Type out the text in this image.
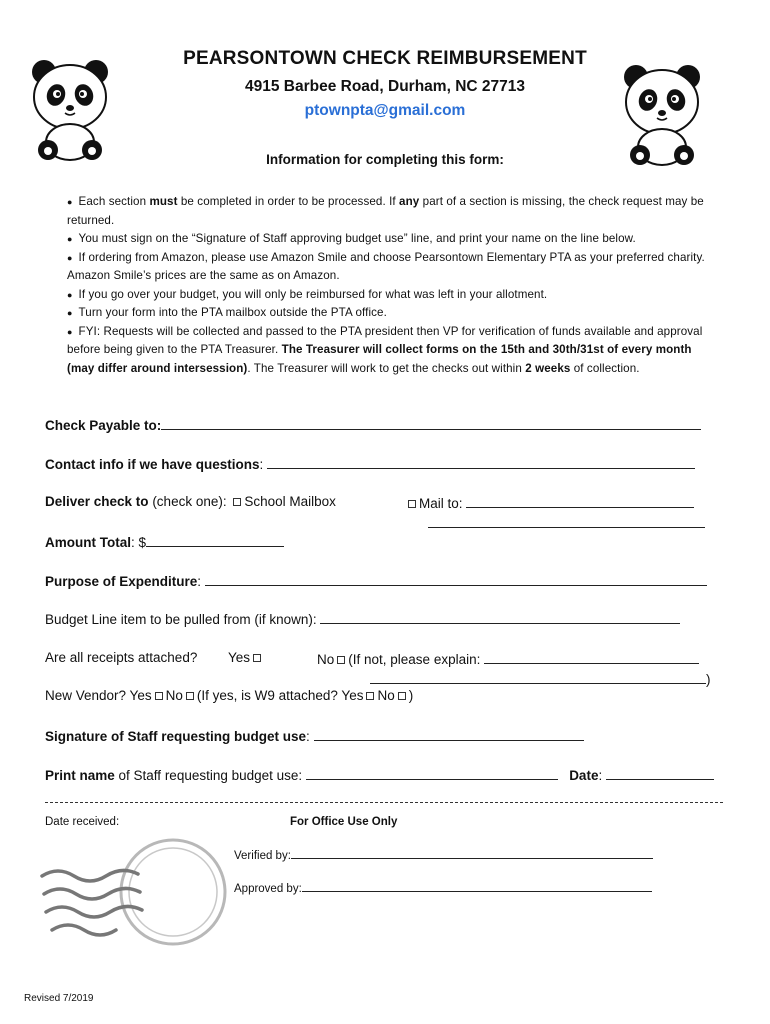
PEARSONTOWN CHECK REIMBURSEMENT
4915 Barbee Road, Durham, NC 27713
ptownpta@gmail.com
Information for completing this form:

● Each section must be completed in order to be processed. If any part of a section is missing, the check request may be returned.

● You must sign on the “Signature of Staff approving budget use” line, and print your name on the line below.

● If ordering from Amazon, please use Amazon Smile and choose Pearsontown Elementary PTA as your preferred charity. Amazon Smile’s prices are the same as on Amazon.

● If you go over your budget, you will only be reimbursed for what was left in your allotment.

● Turn your form into the PTA mailbox outside the PTA office.

● FYI: Requests will be collected and passed to the PTA president then VP for verification of funds available and approval before being given to the PTA Treasurer. The Treasurer will collect forms on the 15th and 30th/31st of every month (may differ around intersession). The Treasurer will work to get the checks out within 2 weeks of collection.

Check Payable to:
Contact info if we have questions:
Deliver check to (check one): School Mailbox	Mail to:
Amount Total: $
Purpose of Expenditure:
Budget Line item to be pulled from (if known):
Are all receipts attached? Yes	No (If not, please explain:
)
New Vendor? Yes No (If yes, is W9 attached? Yes No )
Signature of Staff requesting budget use:
Print name of Staff requesting budget use:	Date:
Date received:	For Office Use Only
Verified by:
Approved by:
Revised 7/2019
